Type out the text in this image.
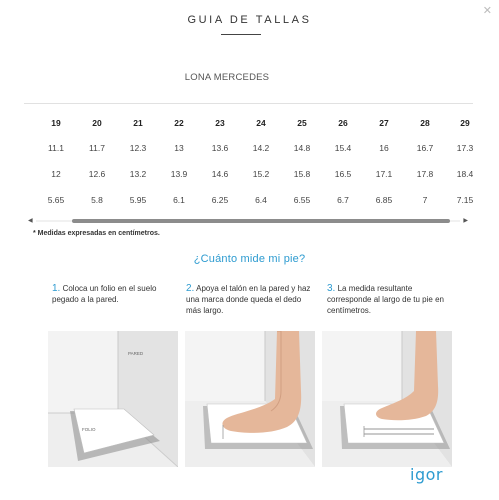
✕
GUIA DE TALLAS
LONA MERCEDES
19	20	21	22	23	24	25	26	27	28	29
11.1	11.7	12.3	13	13.6	14.2	14.8	15.4	16	16.7	17.3
12	12.6	13.2	13.9	14.6	15.2	15.8	16.5	17.1	17.8	18.4
5.65	5.8	5.95	6.1	6.25	6.4	6.55	6.7	6.85	7	7.15
◀	▶
* Medidas expresadas en centímetros.
¿Cuánto mide mi pie?
1. Coloca un folio en el suelo pegado a la pared.
2. Apoya el talón en la pared y haz una marca donde queda el dedo más largo.
3. La medida resultante corresponde al largo de tu pie en centímetros.
PARED
FOLIO
igor
